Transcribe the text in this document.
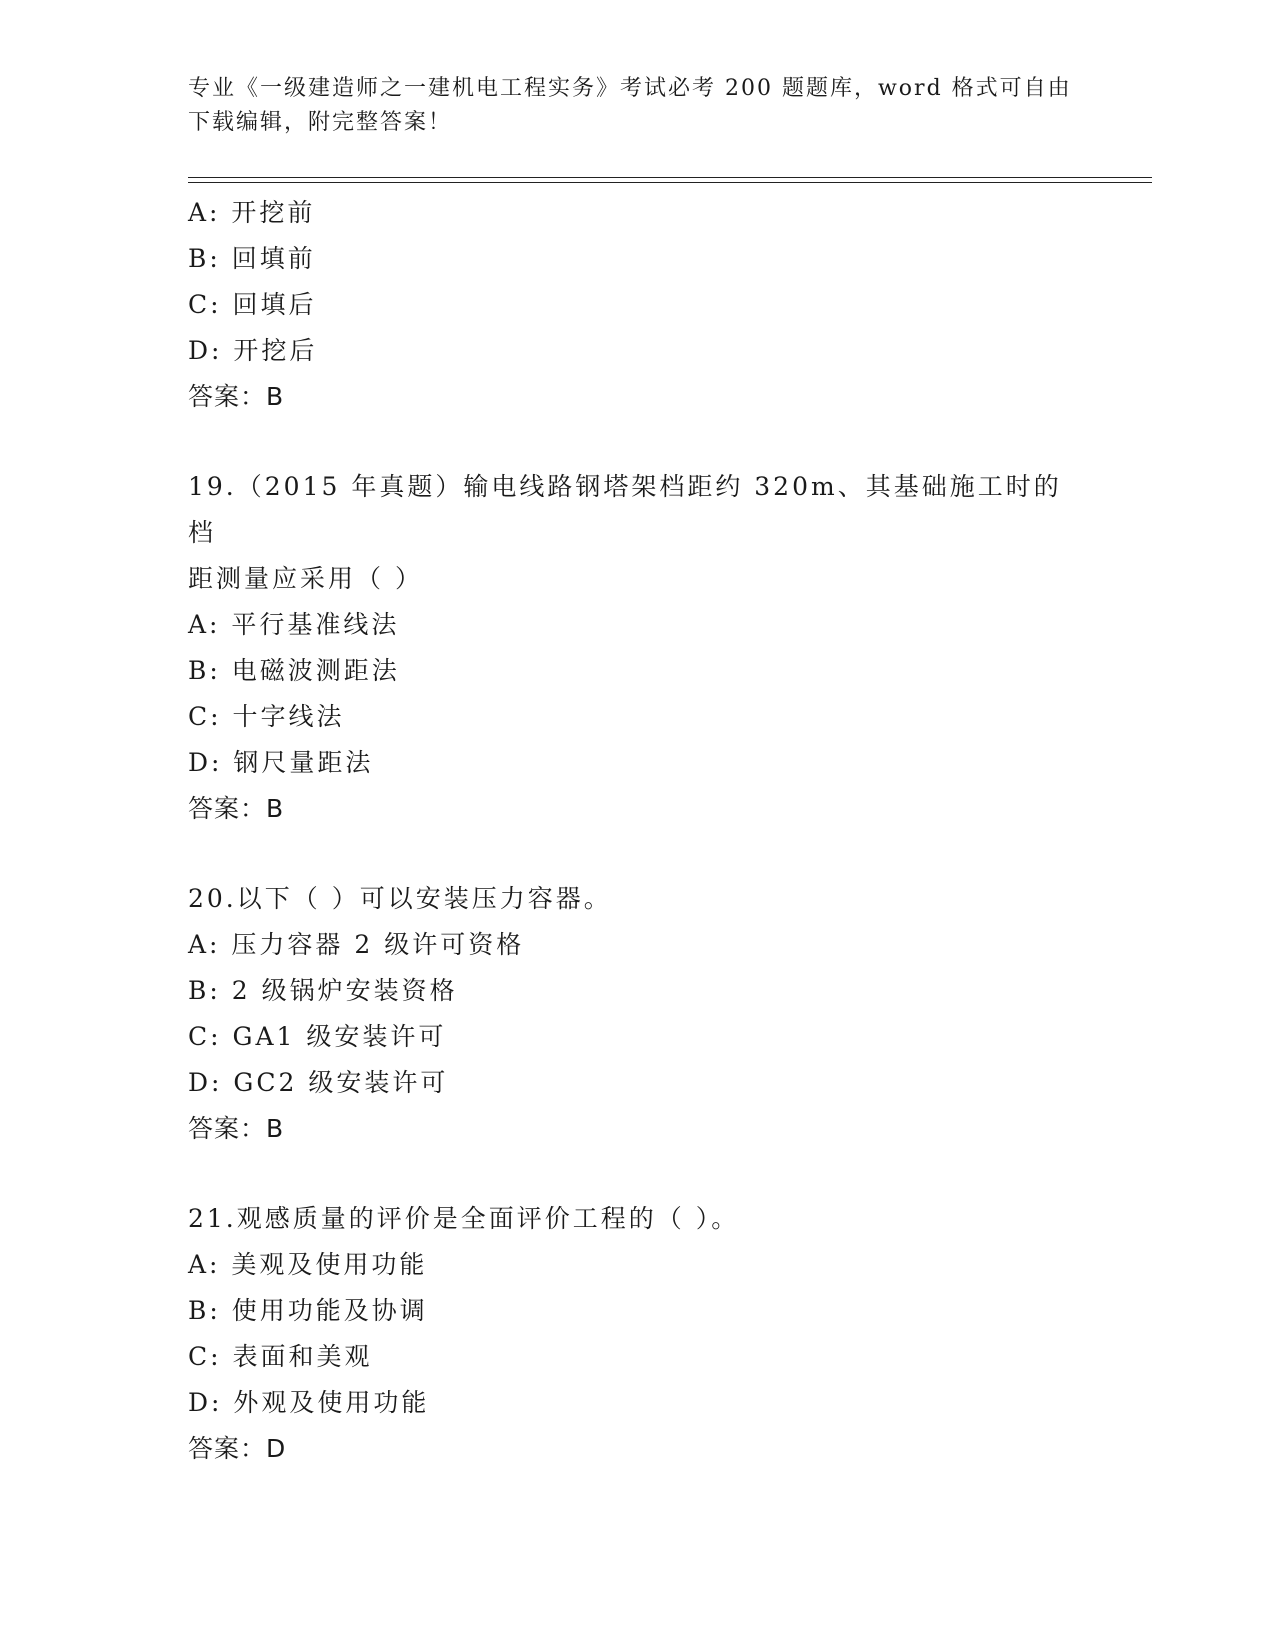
专业《一级建造师之一建机电工程实务》考试必考 200 题题库，word 格式可自由
下载编辑，附完整答案！
A: 开挖前
B: 回填前
C: 回填后
D: 开挖后
答案：B
19.（2015 年真题）输电线路钢塔架档距约 320m、其基础施工时的档
距测量应采用（ ）
A: 平行基准线法
B: 电磁波测距法
C: 十字线法
D: 钢尺量距法
答案：B
20.以下（ ）可以安装压力容器。
A: 压力容器 2 级许可资格
B: 2 级锅炉安装资格
C: GA1 级安装许可
D: GC2 级安装许可
答案：B
21.观感质量的评价是全面评价工程的（ ）。
A: 美观及使用功能
B: 使用功能及协调
C: 表面和美观
D: 外观及使用功能
答案：D
